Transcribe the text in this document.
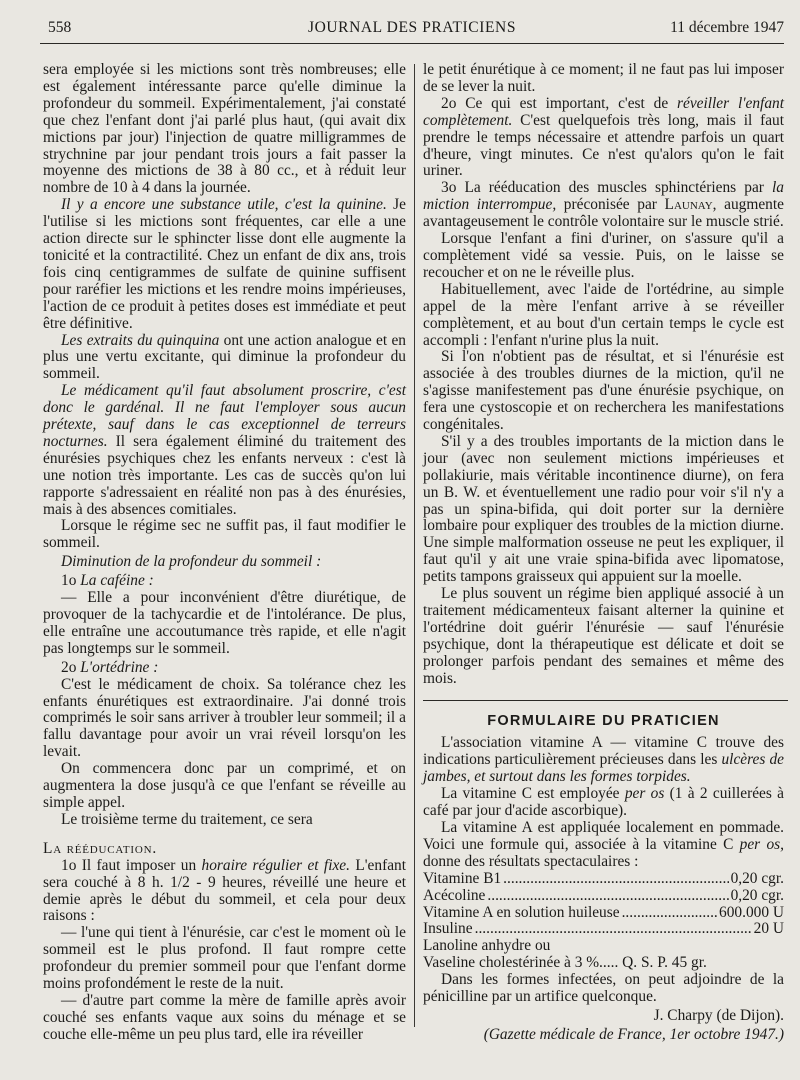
558	JOURNAL DES PRATICIENS	11 décembre 1947

sera employée si les mictions sont très nombreuses; elle est également intéressante parce qu'elle diminue la profondeur du sommeil. Expérimentalement, j'ai constaté que chez l'enfant dont j'ai parlé plus haut, (qui avait dix mictions par jour) l'injection de quatre milligrammes de strychnine par jour pendant trois jours a fait passer la moyenne des mictions de 38 à 80 cc., et à réduit leur nombre de 10 à 4 dans la journée.

Il y a encore une substance utile, c'est la quinine. Je l'utilise si les mictions sont fréquentes, car elle a une action directe sur le sphincter lisse dont elle augmente la tonicité et la contractilité. Chez un enfant de dix ans, trois fois cinq centigrammes de sulfate de quinine suffisent pour raréfier les mictions et les rendre moins impérieuses, l'action de ce produit à petites doses est immédiate et peut être définitive.

Les extraits du quinquina ont une action analogue et en plus une vertu excitante, qui diminue la profondeur du sommeil.

Le médicament qu'il faut absolument proscrire, c'est donc le gardénal. Il ne faut l'employer sous aucun prétexte, sauf dans le cas exceptionnel de terreurs nocturnes. Il sera également éliminé du traitement des énurésies psychiques chez les enfants nerveux : c'est là une notion très importante. Les cas de succès qu'on lui rapporte s'adressaient en réalité non pas à des énurésies, mais à des absences comitiales.

Lorsque le régime sec ne suffit pas, il faut modifier le sommeil.

Diminution de la profondeur du sommeil :

1o La caféine :

— Elle a pour inconvénient d'être diurétique, de provoquer de la tachycardie et de l'intolérance. De plus, elle entraîne une accoutumance très rapide, et elle n'agit pas longtemps sur le sommeil.

2o L'ortédrine :

C'est le médicament de choix. Sa tolérance chez les enfants énurétiques est extraordinaire. J'ai donné trois comprimés le soir sans arriver à troubler leur sommeil; il a fallu davantage pour avoir un vrai réveil lorsqu'on les levait.

On commencera donc par un comprimé, et on augmentera la dose jusqu'à ce que l'enfant se réveille au simple appel.

Le troisième terme du traitement, ce sera

La rééducation.

1o Il faut imposer un horaire régulier et fixe. L'enfant sera couché à 8 h. 1/2 - 9 heures, réveillé une heure et demie après le début du sommeil, et cela pour deux raisons :

— l'une qui tient à l'énurésie, car c'est le moment où le sommeil est le plus profond. Il faut rompre cette profondeur du premier sommeil pour que l'enfant dorme moins profondément le reste de la nuit.

— d'autre part comme la mère de famille après avoir couché ses enfants vaque aux soins du ménage et se couche elle-même un peu plus tard, elle ira réveiller

le petit énurétique à ce moment; il ne faut pas lui imposer de se lever la nuit.

2o Ce qui est important, c'est de réveiller l'enfant complètement. C'est quelquefois très long, mais il faut prendre le temps nécessaire et attendre parfois un quart d'heure, vingt minutes. Ce n'est qu'alors qu'on le fait uriner.

3o La rééducation des muscles sphinctériens par la miction interrompue, préconisée par Launay, augmente avantageusement le contrôle volontaire sur le muscle strié.

Lorsque l'enfant a fini d'uriner, on s'assure qu'il a complètement vidé sa vessie. Puis, on le laisse se recoucher et on ne le réveille plus.

Habituellement, avec l'aide de l'ortédrine, au simple appel de la mère l'enfant arrive à se réveiller complètement, et au bout d'un certain temps le cycle est accompli : l'enfant n'urine plus la nuit.

Si l'on n'obtient pas de résultat, et si l'énurésie est associée à des troubles diurnes de la miction, qu'il ne s'agisse manifestement pas d'une énurésie psychique, on fera une cystoscopie et on recherchera les manifestations congénitales.

S'il y a des troubles importants de la miction dans le jour (avec non seulement mictions impérieuses et pollakiurie, mais véritable incontinence diurne), on fera un B. W. et éventuellement une radio pour voir s'il n'y a pas un spina-bifida, qui doit porter sur la dernière lombaire pour expliquer des troubles de la miction diurne. Une simple malformation osseuse ne peut les expliquer, il faut qu'il y ait une vraie spina-bifida avec lipomatose, petits tampons graisseux qui appuient sur la moelle.

Le plus souvent un régime bien appliqué associé à un traitement médicamenteux faisant alterner la quinine et l'ortédrine doit guérir l'énurésie — sauf l'énurésie psychique, dont la thérapeutique est délicate et doit se prolonger parfois pendant des semaines et même des mois.

FORMULAIRE DU PRATICIEN

L'association vitamine A — vitamine C trouve des indications particulièrement précieuses dans les ulcères de jambes, et surtout dans les formes torpides.

La vitamine C est employée per os (1 à 2 cuillerées à café par jour d'acide ascorbique).

La vitamine A est appliquée localement en pommade. Voici une formule qui, associée à la vitamine C per os, donne des résultats spectaculaires :

Vitamine B1 .....	0,20 cgr.
Acécoline .....	0,20 cgr.
Vitamine A en solution huileuse .....	600.000 U
Insuline .....	20 U

Lanoline anhydre ou

Vaseline cholestérinée à 3 %..... Q. S. P. 45 gr.

Dans les formes infectées, on peut adjoindre de la pénicilline par un artifice quelconque.

J. Charpy (de Dijon).

(Gazette médicale de France, 1er octobre 1947.)
